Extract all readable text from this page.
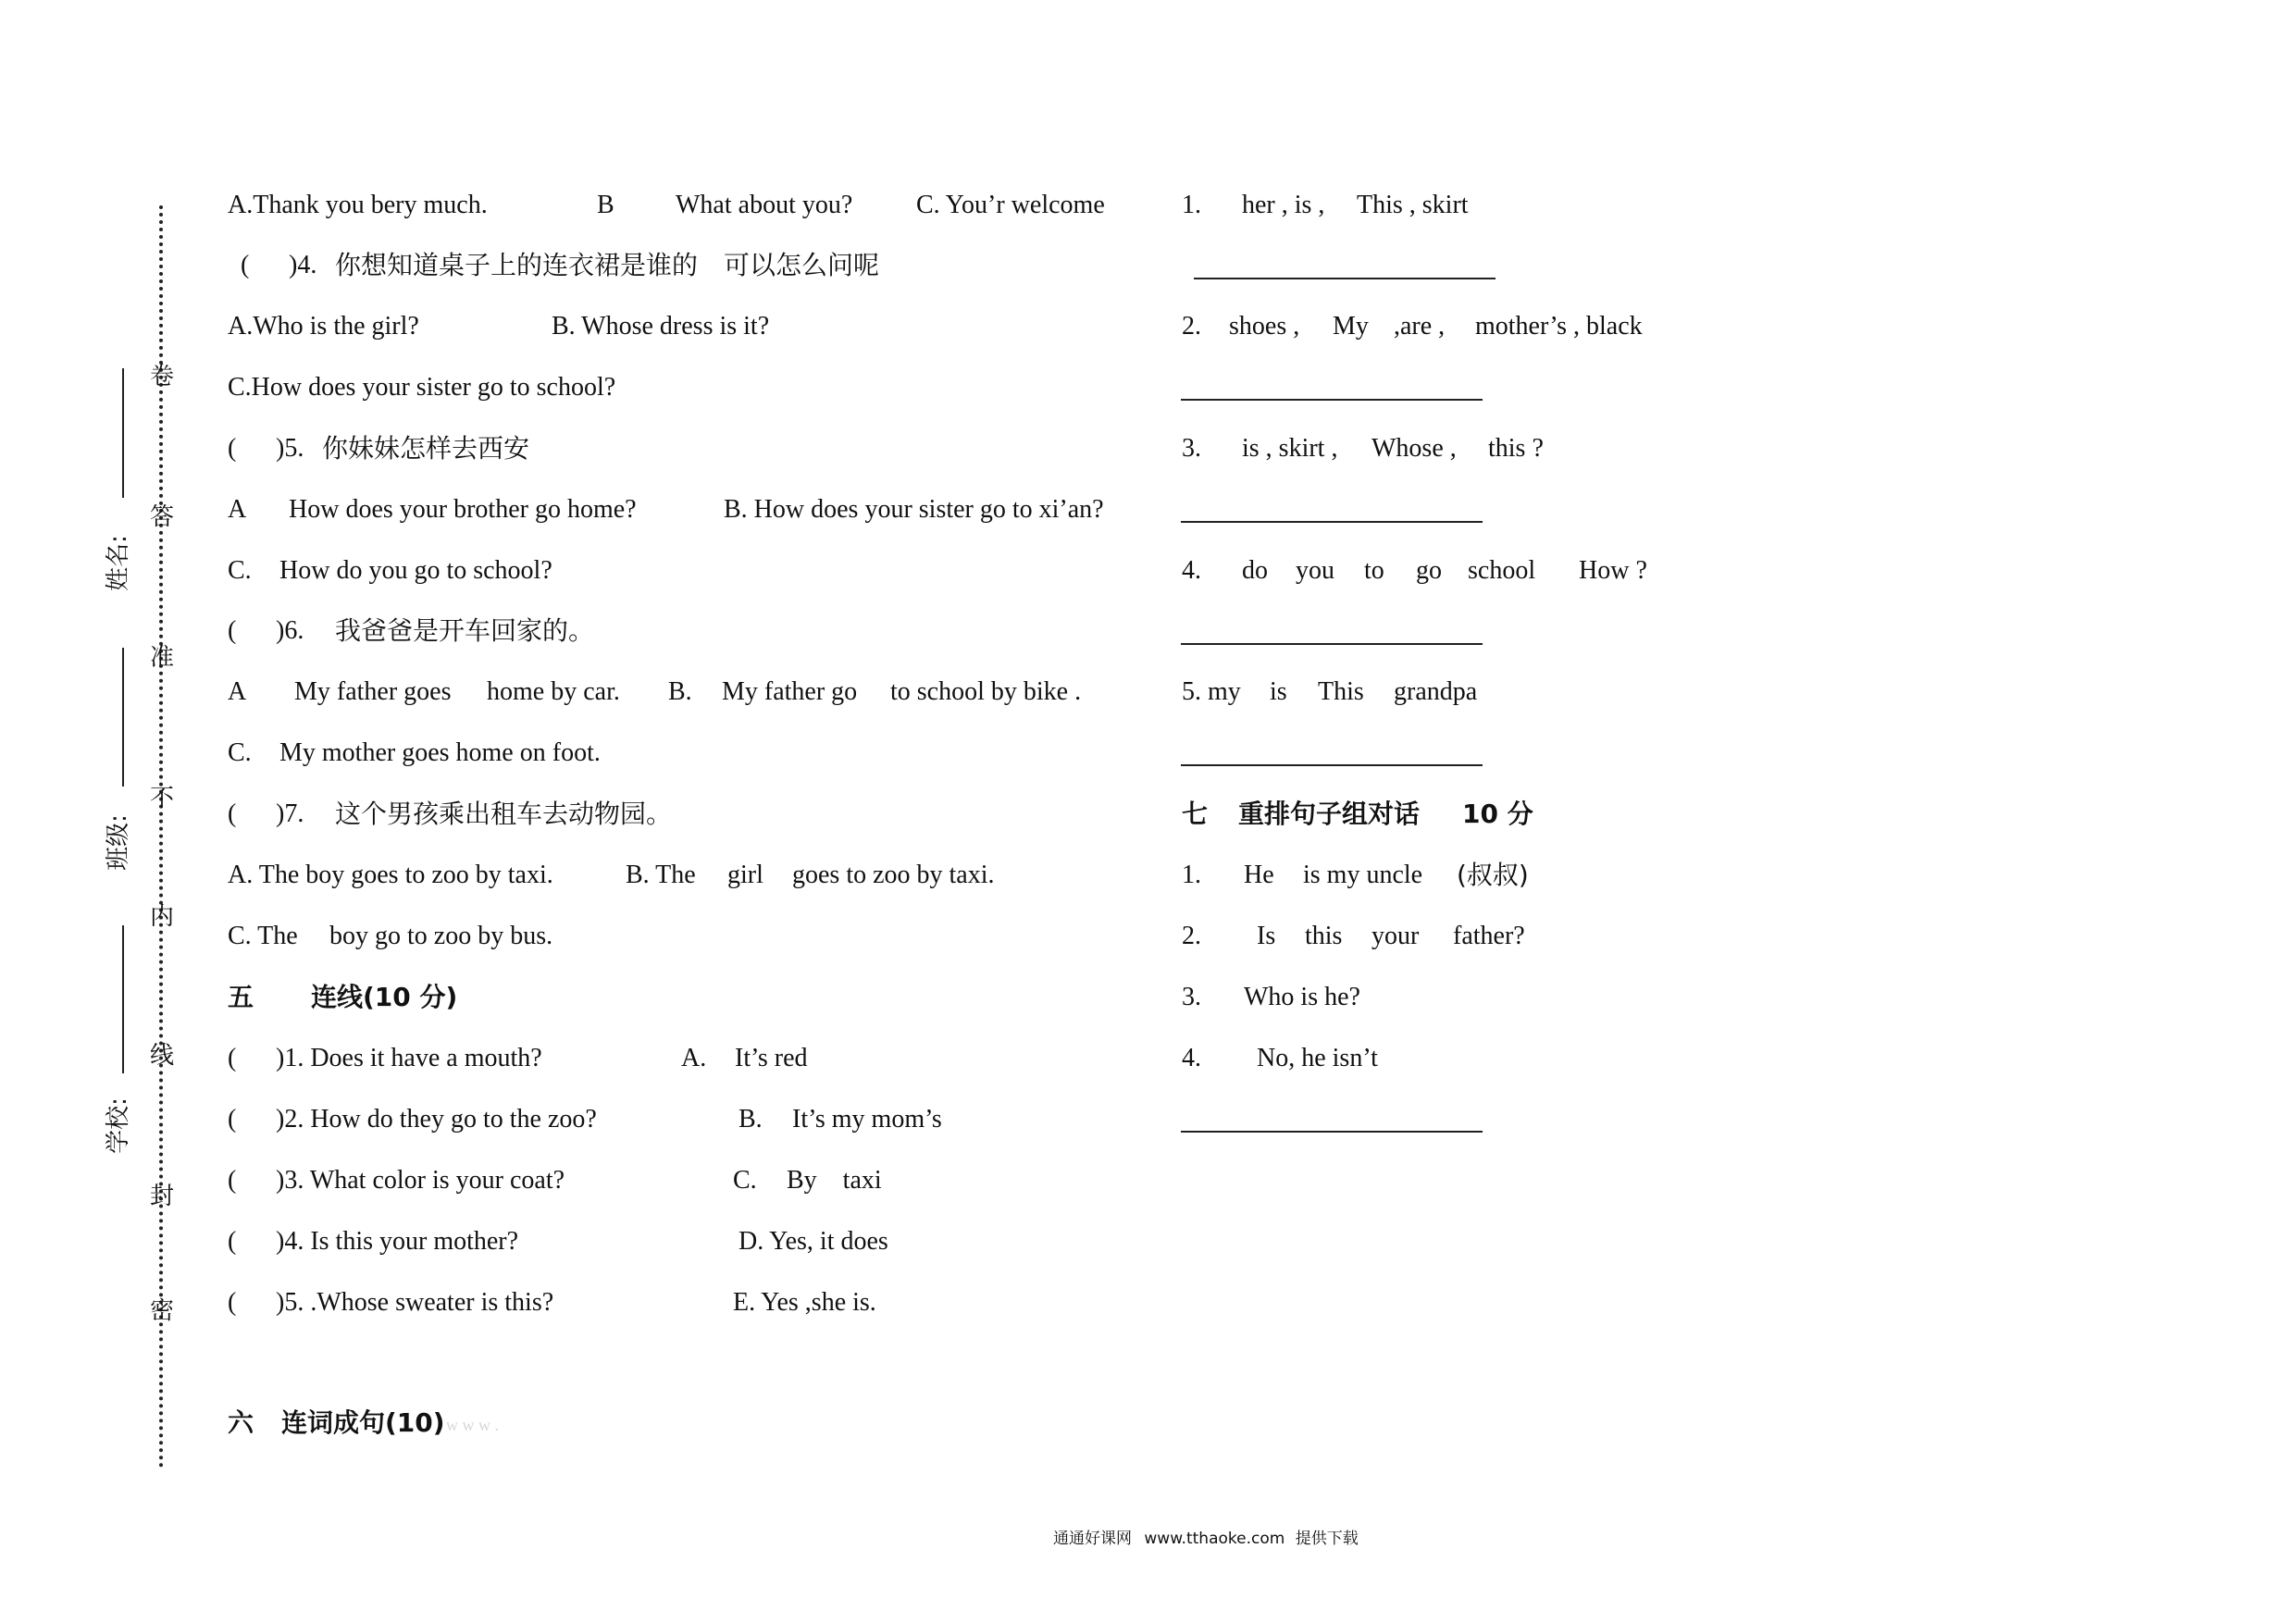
卷
答
准
不
内
线
封
密
姓名:
班级:
学校:
A.Thank you bery much.	B What about you? C. You’r welcome
( )4. 你想知道桌子上的连衣裙是谁的　可以怎么问呢
A.Who is the girl?	B. Whose dress is it?
C.How does your sister go to school?
( )5. 你妹妹怎样去西安
A How does your brother go home?	B. How does your sister go to xi’an?
C. How do you go to school?
( )6. 我爸爸是开车回家的。
A My father goes home by car. B. My father go to school by bike .
C. My mother goes home on foot.
( )7. 这个男孩乘出租车去动物园。
A. The boy goes to zoo by taxi.	B. The girl goes to zoo by taxi.
C. The boy go to zoo by bus.
五 连线(10 分)
( )1. Does it have a mouth?	A. It’s red
( )2. How do they go to the zoo?	B. It’s my mom’s
( )3. What color is your coat?	C. By　taxi
( )4. Is this your mother?	D. Yes, it does
( )5. .Whose sweater is this?	E. Yes ,she is.
六 连词成句(10) w w w .
1. her , is , This , skirt
2. shoes , My ,are , mother’s , black
3. is , skirt , Whose , this ?
4. do you to go school How ?
5. my is This grandpa
七 重排句子组对话 10 分
1. He is my uncle (叔叔)
2. Is this your father?
3. Who is he?
4. No, he isn’t
通通好课网 www.tthaoke.com 提供下载
